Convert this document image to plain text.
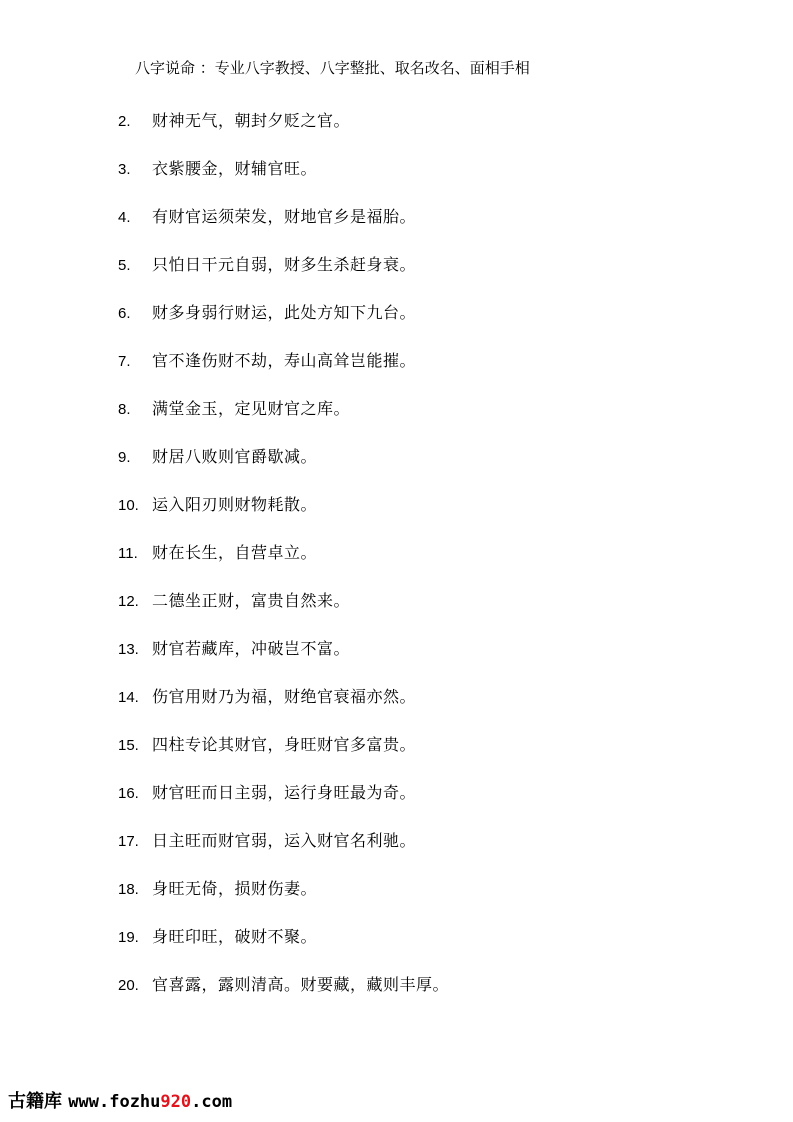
八字说命 ：专业八字教授、八字整批、取名改名、面相手相
2. 财神无气，朝封夕贬之官。
3. 衣紫腰金，财辅官旺。
4. 有财官运须荣发，财地官乡是福胎。
5. 只怕日干元自弱，财多生杀赶身衰。
6. 财多身弱行财运，此处方知下九台。
7. 官不逢伤财不劫，寿山高耸岂能摧。
8. 满堂金玉，定见财官之库。
9. 财居八败则官爵歇减。
10. 运入阳刃则财物耗散。
11. 财在长生，自营卓立。
12. 二德坐正财，富贵自然来。
13. 财官若藏库，冲破岂不富。
14. 伤官用财乃为福，财绝官衰福亦然。
15. 四柱专论其财官，身旺财官多富贵。
16. 财官旺而日主弱，运行身旺最为奇。
17. 日主旺而财官弱，运入财官名利驰。
18. 身旺无倚，损财伤妻。
19. 身旺印旺，破财不聚。
20. 官喜露，露则清高。财要藏，藏则丰厚。
古籍库 www.fozhu920.com
